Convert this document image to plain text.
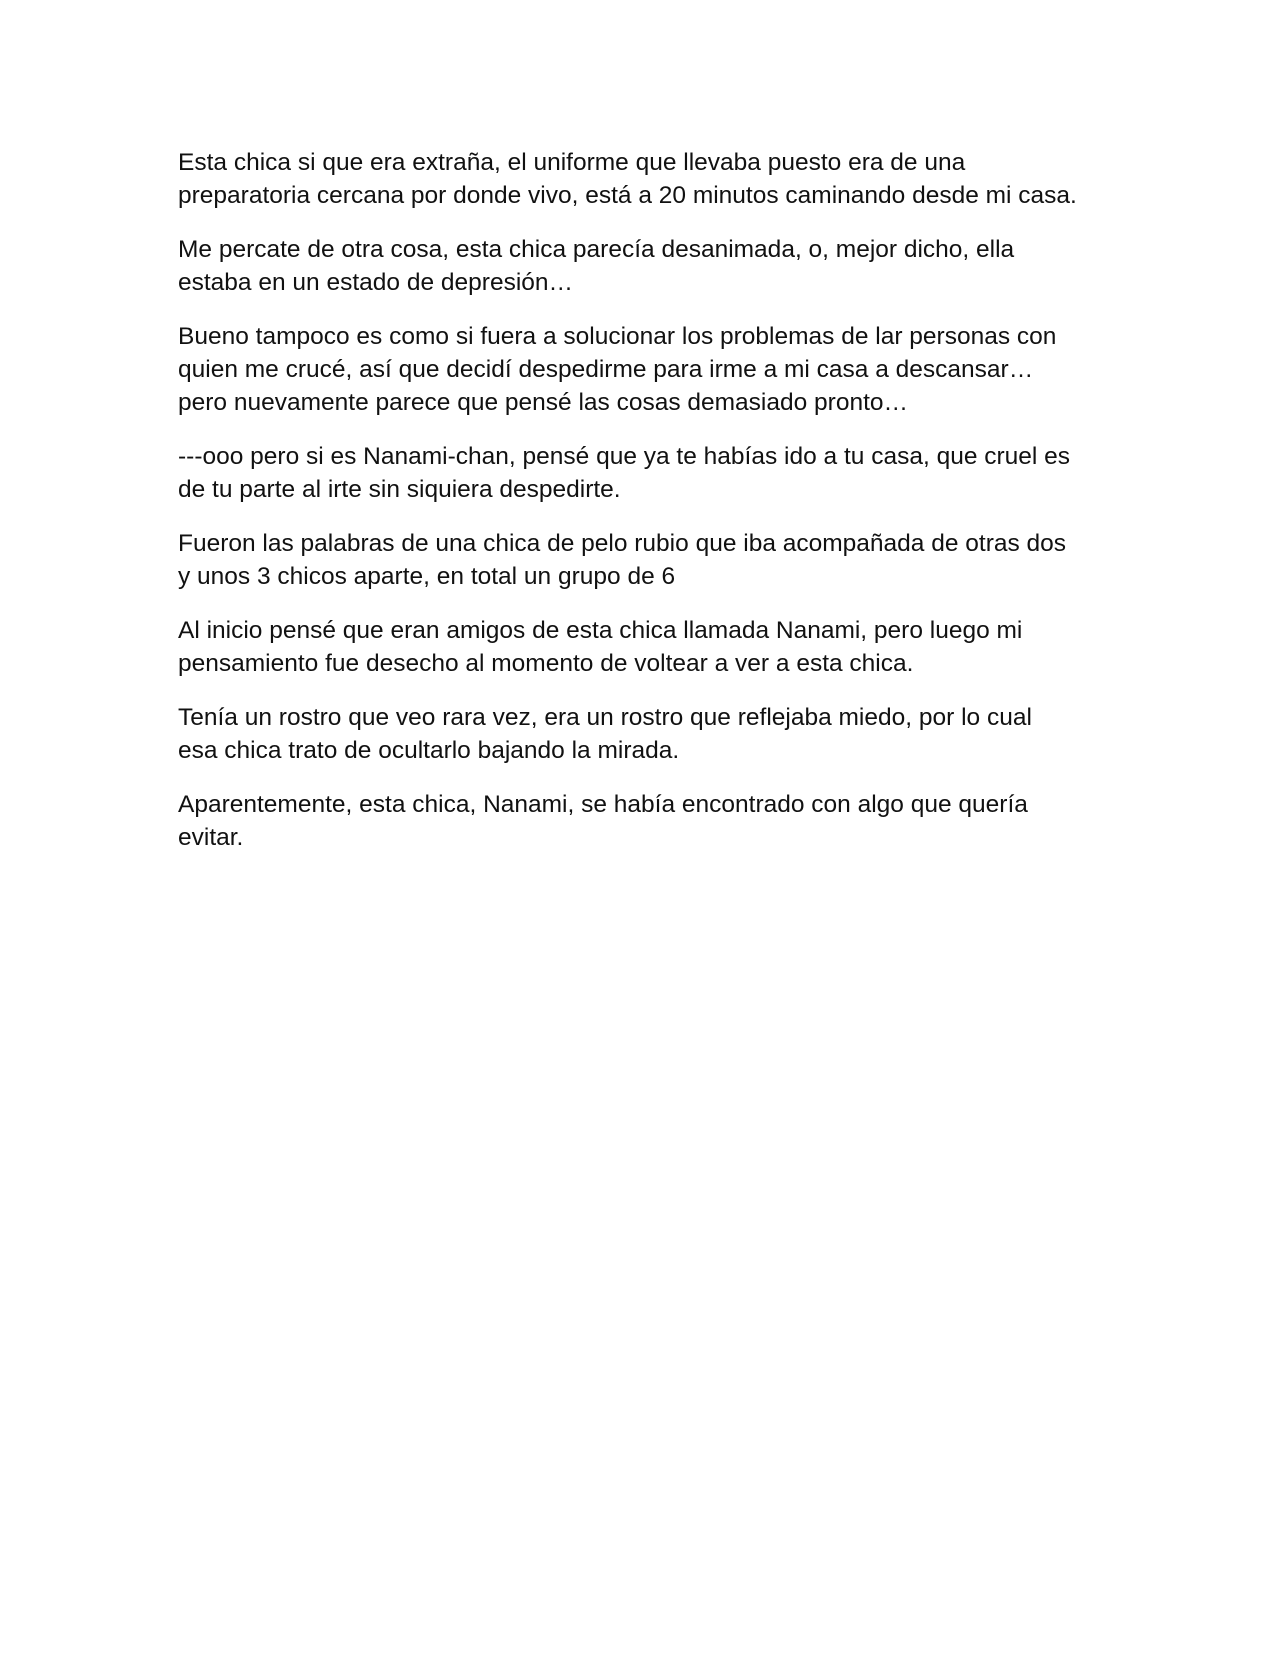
Esta chica si que era extraña, el uniforme que llevaba puesto era de una
preparatoria cercana por donde vivo, está a 20 minutos caminando desde mi casa.

Me percate de otra cosa, esta chica parecía desanimada, o, mejor dicho, ella
estaba en un estado de depresión…

Bueno tampoco es como si fuera a solucionar los problemas de lar personas con
quien me crucé, así que decidí despedirme para irme a mi casa a descansar…
pero nuevamente parece que pensé las cosas demasiado pronto…

---ooo pero si es Nanami-chan, pensé que ya te habías ido a tu casa, que cruel es
de tu parte al irte sin siquiera despedirte.

Fueron las palabras de una chica de pelo rubio que iba acompañada de otras dos
y unos 3 chicos aparte, en total un grupo de 6

Al inicio pensé que eran amigos de esta chica llamada Nanami, pero luego mi
pensamiento fue desecho al momento de voltear a ver a esta chica.

Tenía un rostro que veo rara vez, era un rostro que reflejaba miedo, por lo cual
esa chica trato de ocultarlo bajando la mirada.

Aparentemente, esta chica, Nanami, se había encontrado con algo que quería
evitar.
